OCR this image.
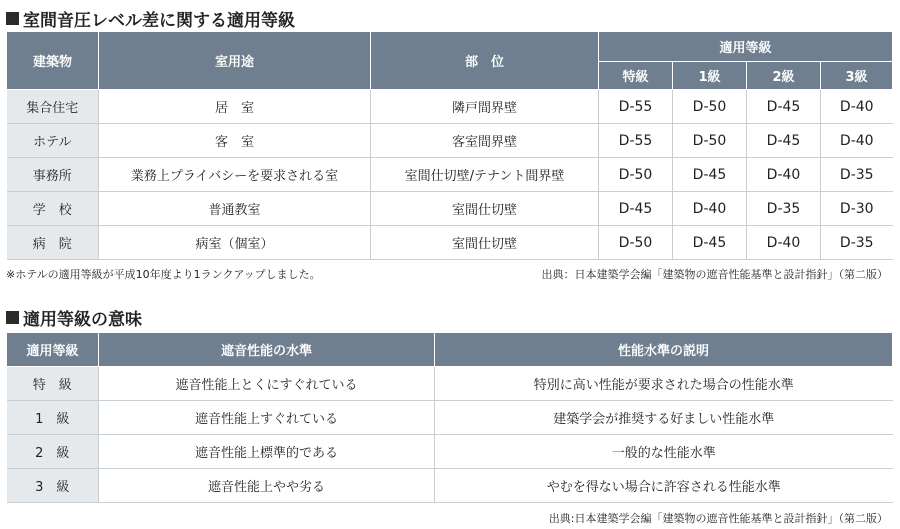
室間音圧レベル差に関する適用等級
建築物	室用途	部　位	適用等級			
			特級	1級	2級	3級
集合住宅	居　室	隣戸間界壁	D-55	D-50	D-45	D-40
ホテル	客　室	客室間界壁	D-55	D-50	D-45	D-40
事務所	業務上プライバシーを要求される室	室間仕切壁/テナント間界壁	D-50	D-45	D-40	D-35
学　校	普通教室	室間仕切壁	D-45	D-40	D-35	D-30
病　院	病室（個室）	室間仕切壁	D-50	D-45	D-40	D-35
※ホテルの適用等級が平成10年度より1ランクアップしました。	出典：日本建築学会編「建築物の遮音性能基準と設計指針」（第二版）
適用等級の意味
適用等級	遮音性能の水準	性能水準の説明
特　級	遮音性能上とくにすぐれている	特別に高い性能が要求された場合の性能水準
1　級	遮音性能上すぐれている	建築学会が推奨する好ましい性能水準
2　級	遮音性能上標準的である	一般的な性能水準
3　級	遮音性能上やや劣る	やむを得ない場合に許容される性能水準
出典:日本建築学会編「建築物の遮音性能基準と設計指針」（第二版）
